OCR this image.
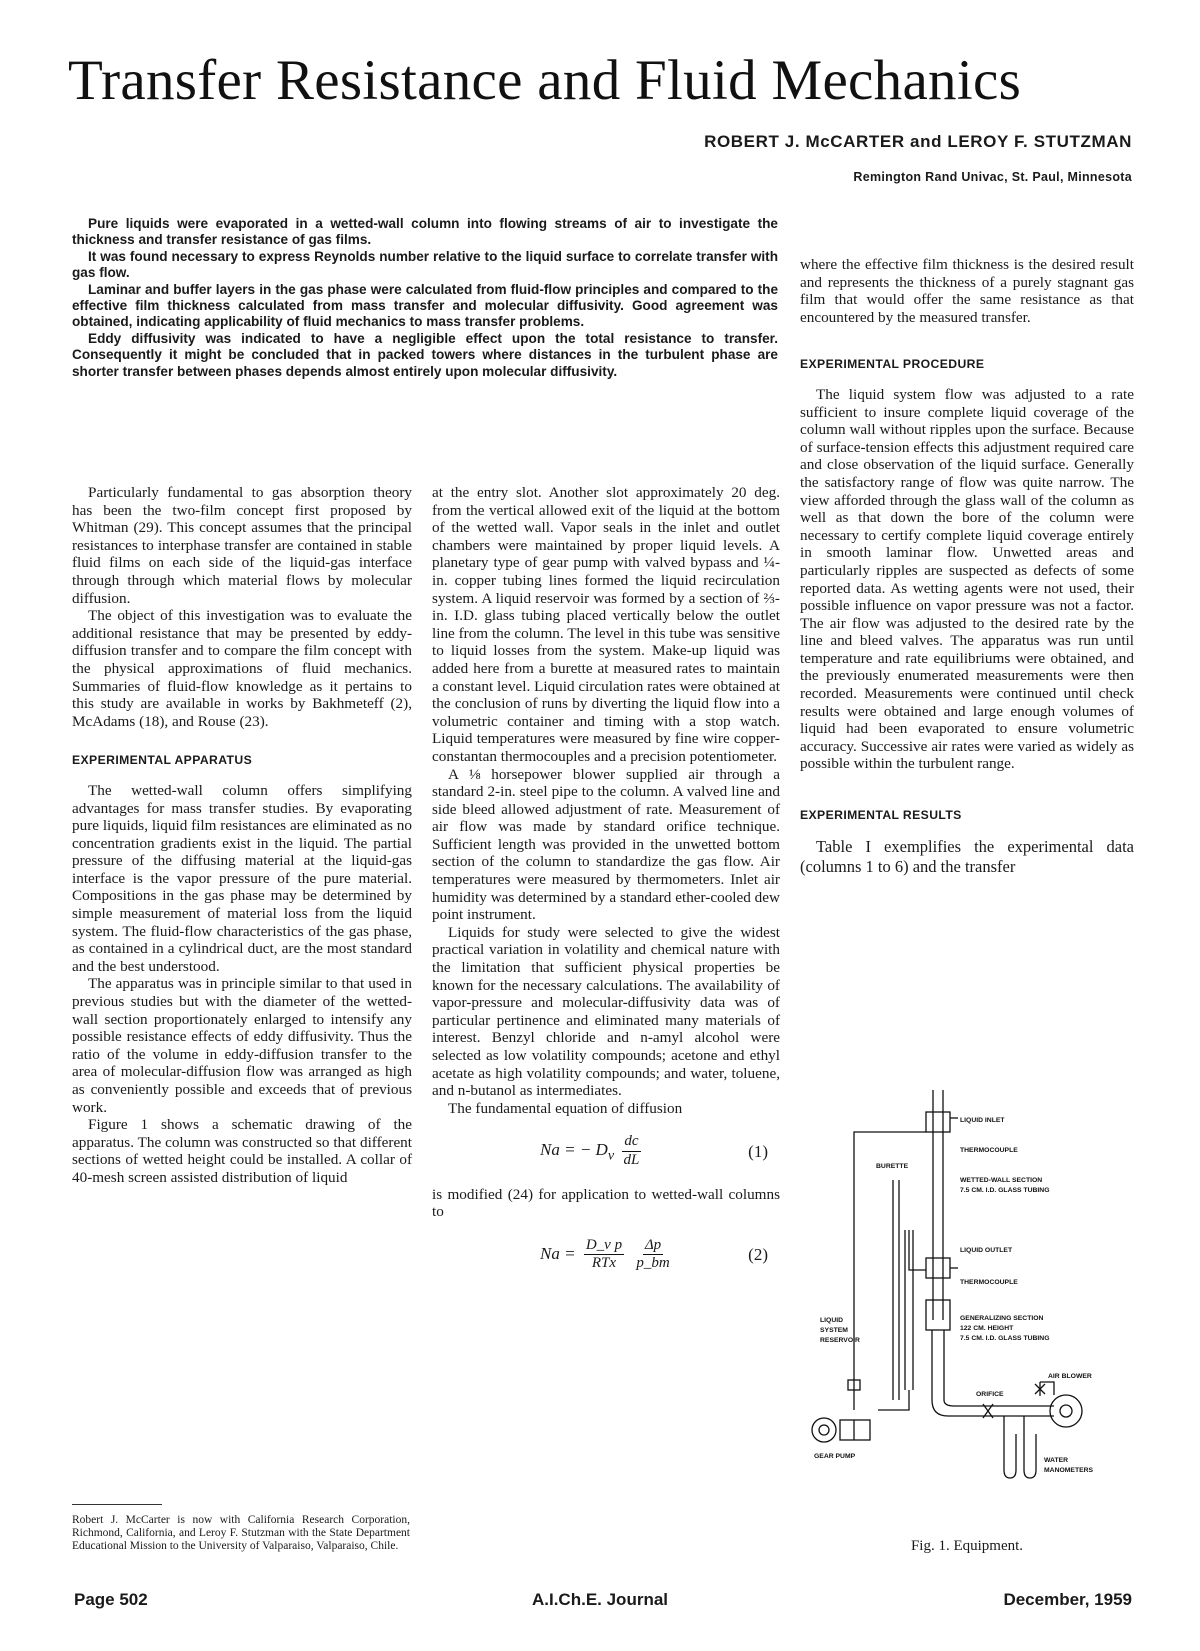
Transfer Resistance and Fluid Mechanics
ROBERT J. McCARTER and LEROY F. STUTZMAN
Remington Rand Univac, St. Paul, Minnesota

Pure liquids were evaporated in a wetted-wall column into flowing streams of air to investigate the thickness and transfer resistance of gas films.

It was found necessary to express Reynolds number relative to the liquid surface to correlate transfer with gas flow.

Laminar and buffer layers in the gas phase were calculated from fluid-flow principles and compared to the effective film thickness calculated from mass transfer and molecular diffusivity. Good agreement was obtained, indicating applicability of fluid mechanics to mass transfer problems.

Eddy diffusivity was indicated to have a negligible effect upon the total resistance to transfer. Consequently it might be concluded that in packed towers where distances in the turbulent phase are shorter transfer between phases depends almost entirely upon molecular diffusivity.

Particularly fundamental to gas absorption theory has been the two-film concept first proposed by Whitman (29). This concept assumes that the principal resistances to interphase transfer are contained in stable fluid films on each side of the liquid-gas interface through through which material flows by molecular diffusion.

The object of this investigation was to evaluate the additional resistance that may be presented by eddy-diffusion transfer and to compare the film concept with the physical approximations of fluid mechanics. Summaries of fluid-flow knowledge as it pertains to this study are available in works by Bakhmeteff (2), McAdams (18), and Rouse (23).

EXPERIMENTAL APPARATUS

The wetted-wall column offers simplifying advantages for mass transfer studies. By evaporating pure liquids, liquid film resistances are eliminated as no concentration gradients exist in the liquid. The partial pressure of the diffusing material at the liquid-gas interface is the vapor pressure of the pure material. Compositions in the gas phase may be determined by simple measurement of material loss from the liquid system. The fluid-flow characteristics of the gas phase, as contained in a cylindrical duct, are the most standard and the best understood.

The apparatus was in principle similar to that used in previous studies but with the diameter of the wetted-wall section proportionately enlarged to intensify any possible resistance effects of eddy diffusivity. Thus the ratio of the volume in eddy-diffusion transfer to the area of molecular-diffusion flow was arranged as high as conveniently possible and exceeds that of previous work.

Figure 1 shows a schematic drawing of the apparatus. The column was constructed so that different sections of wetted height could be installed. A collar of 40-mesh screen assisted distribution of liquid

at the entry slot. Another slot approximately 20 deg. from the vertical allowed exit of the liquid at the bottom of the wetted wall. Vapor seals in the inlet and outlet chambers were maintained by proper liquid levels. A planetary type of gear pump with valved bypass and ¼-in. copper tubing lines formed the liquid recirculation system. A liquid reservoir was formed by a section of ⅔-in. I.D. glass tubing placed vertically below the outlet line from the column. The level in this tube was sensitive to liquid losses from the system. Make-up liquid was added here from a burette at measured rates to maintain a constant level. Liquid circulation rates were obtained at the conclusion of runs by diverting the liquid flow into a volumetric container and timing with a stop watch. Liquid temperatures were measured by fine wire copper-constantan thermocouples and a precision potentiometer.

A ⅛ horsepower blower supplied air through a standard 2-in. steel pipe to the column. A valved line and side bleed allowed adjustment of rate. Measurement of air flow was made by standard orifice technique. Sufficient length was provided in the unwetted bottom section of the column to standardize the gas flow. Air temperatures were measured by thermometers. Inlet air humidity was determined by a standard ether-cooled dew point instrument.

Liquids for study were selected to give the widest practical variation in volatility and chemical nature with the limitation that sufficient physical properties be known for the necessary calculations. The availability of vapor-pressure and molecular-diffusivity data was of particular pertinence and eliminated many materials of interest. Benzyl chloride and n-amyl alcohol were selected as low volatility compounds; acetone and ethyl acetate as high volatility compounds; and water, toluene, and n-butanol as intermediates.

The fundamental equation of diffusion

Na = − $D_v \frac{dc}{dL}$	(1)

is modified (24) for application to wetted-wall columns to

$Na = \frac{\text{D\_v p}}{\text{RTx}}$
$\frac{\Delta p}{p\_bm}$	(2)

where the effective film thickness is the desired result and represents the thickness of a purely stagnant gas film that would offer the same resistance as that encountered by the measured transfer.

EXPERIMENTAL PROCEDURE

The liquid system flow was adjusted to a rate sufficient to insure complete liquid coverage of the column wall without ripples upon the surface. Because of surface-tension effects this adjustment required care and close observation of the liquid surface. Generally the satisfactory range of flow was quite narrow. The view afforded through the glass wall of the column as well as that down the bore of the column were necessary to certify complete liquid coverage entirely in smooth laminar flow. Unwetted areas and particularly ripples are suspected as defects of some reported data. As wetting agents were not used, their possible influence on vapor pressure was not a factor. The air flow was adjusted to the desired rate by the line and bleed valves. The apparatus was run until temperature and rate equilibriums were obtained, and the previously enumerated measurements were then recorded. Measurements were continued until check results were obtained and large enough volumes of liquid had been evaporated to ensure volumetric accuracy. Successive air rates were varied as widely as possible within the turbulent range.

EXPERIMENTAL RESULTS

Table I exemplifies the experimental data (columns 1 to 6) and the transfer

Robert J. McCarter is now with California Research Corporation, Richmond, California, and Leroy F. Stutzman with the State Department Educational Mission to the University of Valparaiso, Valparaiso, Chile.
LIQUID INLET
THERMOCOUPLE
BURETTE
WETTED-WALL SECTION
7.5 CM. I.D. GLASS TUBING
LIQUID OUTLET
THERMOCOUPLE
LIQUID
SYSTEM
RESERVOIR
GENERALIZING SECTION
122 CM. HEIGHT
7.5 CM. I.D. GLASS TUBING
AIR BLOWER
ORIFICE
GEAR PUMP
WATER
MANOMETERS
Fig. 1. Equipment.
Page 502	A.I.Ch.E. Journal	December, 1959
